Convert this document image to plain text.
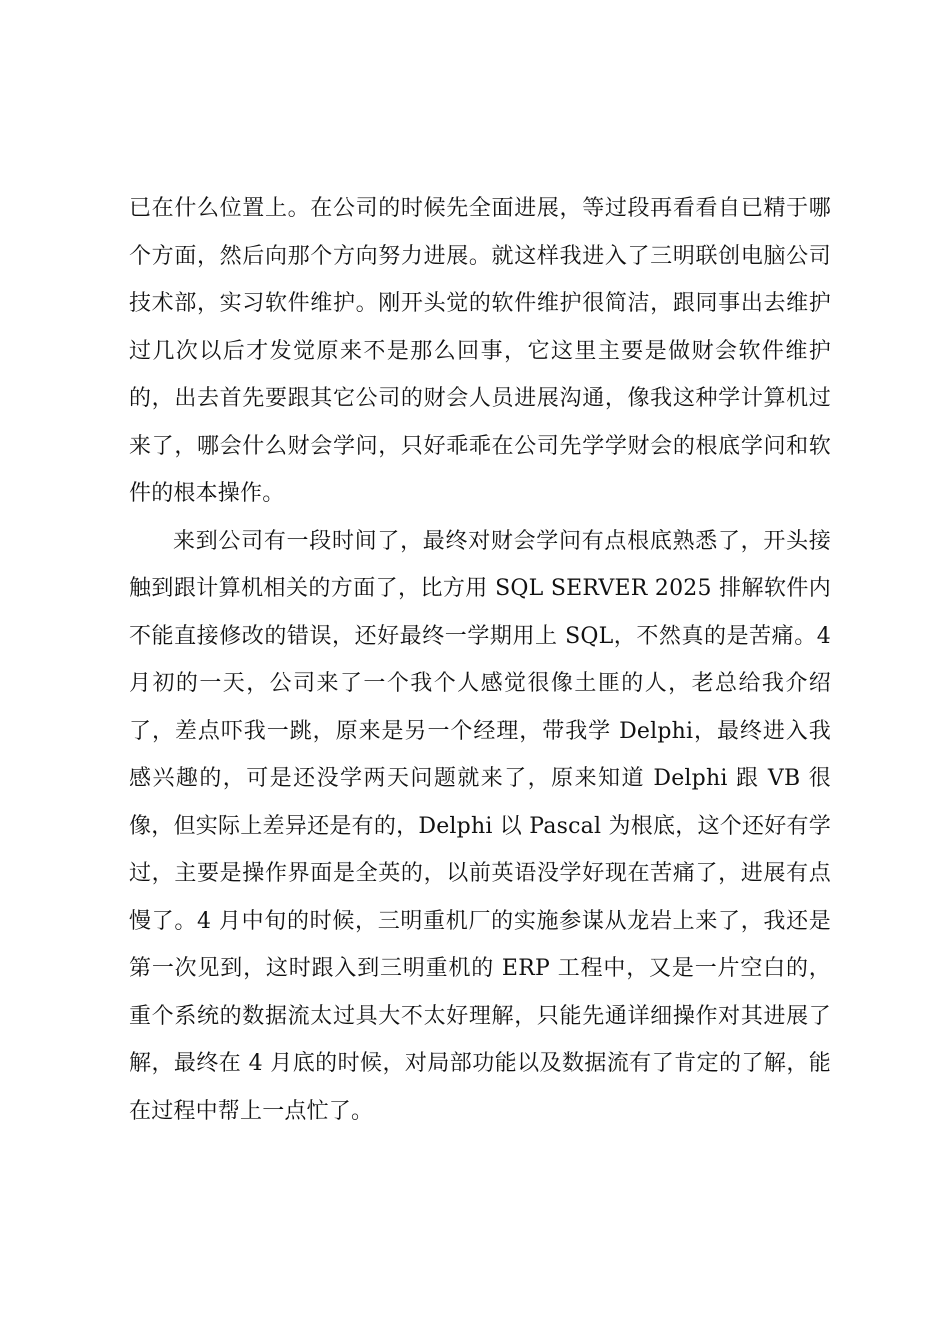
已在什么位置上。在公司的时候先全面进展，等过段再看看自已精于哪个方面，然后向那个方向努力进展。就这样我进入了三明联创电脑公司技术部，实习软件维护。刚开头觉的软件维护很简洁，跟同事出去维护过几次以后才发觉原来不是那么回事，它这里主要是做财会软件维护的，出去首先要跟其它公司的财会人员进展沟通，像我这种学计算机过来了，哪会什么财会学问，只好乖乖在公司先学学财会的根底学问和软件的根本操作。

来到公司有一段时间了，最终对财会学问有点根底熟悉了，开头接触到跟计算机相关的方面了，比方用 SQL SERVER 2025 排解软件内不能直接修改的错误，还好最终一学期用上 SQL，不然真的是苦痛。4 月初的一天，公司来了一个我个人感觉很像土匪的人，老总给我介绍了，差点吓我一跳，原来是另一个经理，带我学 Delphi，最终进入我感兴趣的，可是还没学两天问题就来了，原来知道 Delphi 跟 VB 很像，但实际上差异还是有的，Delphi 以 Pascal 为根底，这个还好有学过，主要是操作界面是全英的，以前英语没学好现在苦痛了，进展有点慢了。4 月中旬的时候，三明重机厂的实施参谋从龙岩上来了，我还是第一次见到，这时跟入到三明重机的 ERP 工程中，又是一片空白的，重个系统的数据流太过具大不太好理解，只能先通详细操作对其进展了解，最终在 4 月底的时候，对局部功能以及数据流有了肯定的了解，能在过程中帮上一点忙了。
